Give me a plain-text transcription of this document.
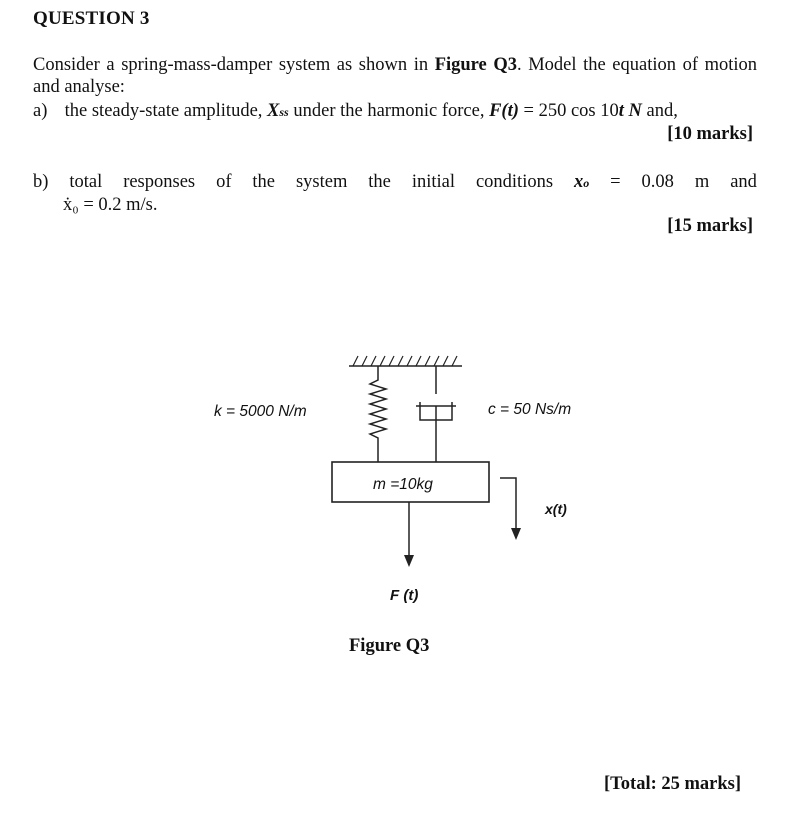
QUESTION 3
Consider a spring-mass-damper system as shown in Figure Q3. Model the equation of motion and analyse:
a) the steady-state amplitude, Xss under the harmonic force, F(t) = 250 cos 10t N and,
[10 marks]
b) total responses of the system the initial conditions xo = 0.08 m and
ẋ₀ = 0.2 m/s.
[15 marks]
k = 5000 N/m	c = 50 Ns/m
m =10kg
x(t)
F (t)
Figure Q3
[Total: 25 marks]
